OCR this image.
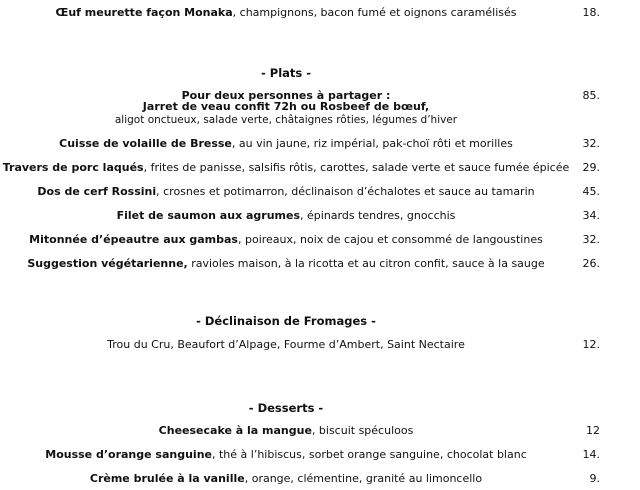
Œuf meurette façon Monaka, champignons, bacon fumé et oignons caramélisés	18.
- Plats -
Pour deux personnes à partager :
Jarret de veau confit 72h ou Rosbeef de bœuf,
aligot onctueux, salade verte, châtaignes rôties, légumes d’hiver
85.
Cuisse de volaille de Bresse, au vin jaune, riz impérial, pak-choï rôti et morilles	32.
Travers de porc laqués, frites de panisse, salsifis rôtis, carottes, salade verte et sauce fumée épicée 29.
Dos de cerf Rossini, crosnes et potimarron, déclinaison d’échalotes et sauce au tamarin	45.
Filet de saumon aux agrumes, épinards tendres, gnocchis	34.
Mitonnée d’épeautre aux gambas, poireaux, noix de cajou et consommé de langoustines	32.
Suggestion végétarienne, ravioles maison, à la ricotta et au citron confit, sauce à la sauge	26.
- Déclinaison de Fromages -
Trou du Cru, Beaufort d’Alpage, Fourme d’Ambert, Saint Nectaire	12.
- Desserts -
Cheesecake à la mangue, biscuit spéculoos	12
Mousse d’orange sanguine, thé à l’hibiscus, sorbet orange sanguine, chocolat blanc	14.
Crème brulée à la vanille, orange, clémentine, granité au limoncello	9.
